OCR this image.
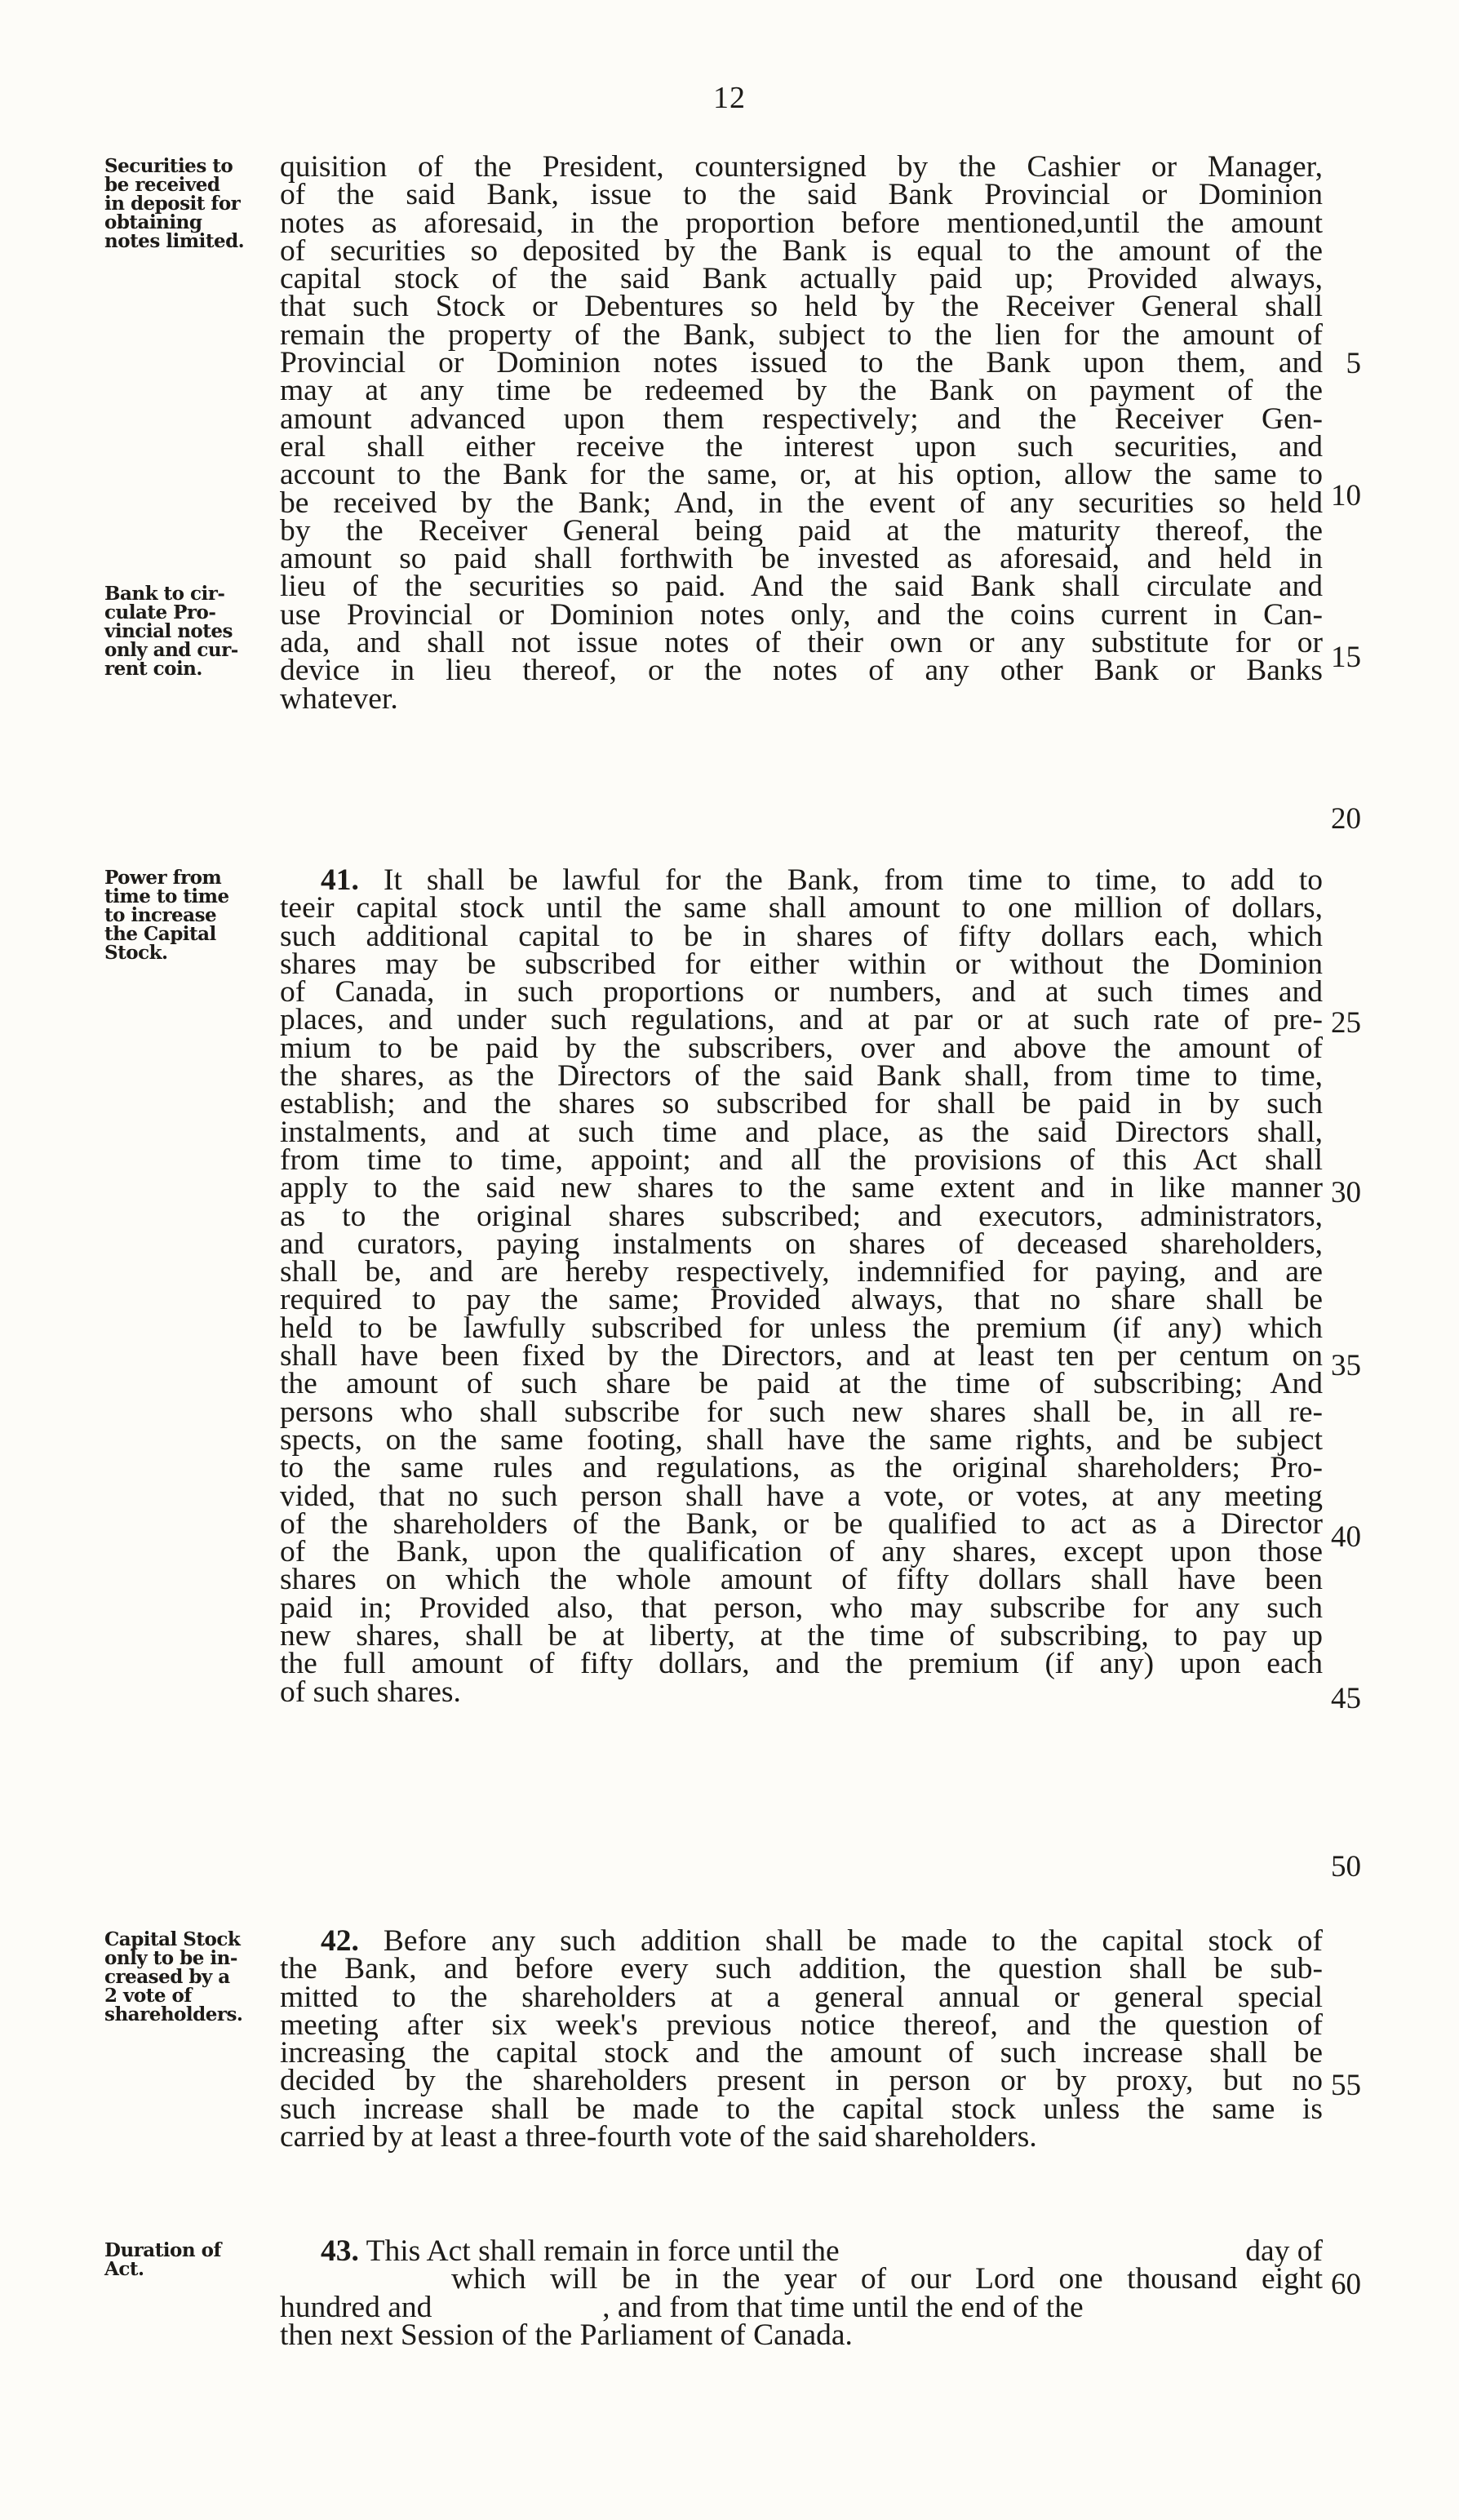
12
Securities to
be received
in deposit for
obtaining
notes limited.
Bank to cir-
culate Pro-
vincial notes
only and cur-
rent coin.
Power from
time to time
to increase
the Capital
Stock.
Capital Stock
only to be in-
creased by a
2 vote of
shareholders.
Duration of
Act.
quisition of the President, countersigned by the Cashier or Manager,
of the said Bank, issue to the said Bank Provincial or Dominion
notes as aforesaid, in the proportion before mentioned,until the amount
of securities so deposited by the Bank is equal to the amount of the
capital stock of the said Bank actually paid up; Provided always,
that such Stock or Debentures so held by the Receiver General shall
remain the property of the Bank, subject to the lien for the amount of
Provincial or Dominion notes issued to the Bank upon them, and
may at any time be redeemed by the Bank on payment of the
amount advanced upon them respectively; and the Receiver Gen-
eral shall either receive the interest upon such securities, and
account to the Bank for the same, or, at his option, allow the same to
be received by the Bank; And, in the event of any securities so held
by the Receiver General being paid at the maturity thereof, the
amount so paid shall forthwith be invested as aforesaid, and held in
lieu of the securities so paid. And the said Bank shall circulate and
use Provincial or Dominion notes only, and the coins current in Can-
ada, and shall not issue notes of their own or any substitute for or
device in lieu thereof, or the notes of any other Bank or Banks
whatever.
41. It shall be lawful for the Bank, from time to time, to add to
teeir capital stock until the same shall amount to one million of dollars,
such additional capital to be in shares of fifty dollars each, which
shares may be subscribed for either within or without the Dominion
of Canada, in such proportions or numbers, and at such times and
places, and under such regulations, and at par or at such rate of pre-
mium to be paid by the subscribers, over and above the amount of
the shares, as the Directors of the said Bank shall, from time to time,
establish; and the shares so subscribed for shall be paid in by such
instalments, and at such time and place, as the said Directors shall,
from time to time, appoint; and all the provisions of this Act shall
apply to the said new shares to the same extent and in like manner
as to the original shares subscribed; and executors, administrators,
and curators, paying instalments on shares of deceased shareholders,
shall be, and are hereby respectively, indemnified for paying, and are
required to pay the same; Provided always, that no share shall be
held to be lawfully subscribed for unless the premium (if any) which
shall have been fixed by the Directors, and at least ten per centum on
the amount of such share be paid at the time of subscribing; And
persons who shall subscribe for such new shares shall be, in all re-
spects, on the same footing, shall have the same rights, and be subject
to the same rules and regulations, as the original shareholders; Pro-
vided, that no such person shall have a vote, or votes, at any meeting
of the shareholders of the Bank, or be qualified to act as a Director
of the Bank, upon the qualification of any shares, except upon those
shares on which the whole amount of fifty dollars shall have been
paid in; Provided also, that person, who may subscribe for any such
new shares, shall be at liberty, at the time of subscribing, to pay up
the full amount of fifty dollars, and the premium (if any) upon each
of such shares.
42. Before any such addition shall be made to the capital stock of
the Bank, and before every such addition, the question shall be sub-
mitted to the shareholders at a general annual or general special
meeting after six week's previous notice thereof, and the question of
increasing the capital stock and the amount of such increase shall be
decided by the shareholders present in person or by proxy, but no
such increase shall be made to the capital stock unless the same is
carried by at least a three-fourth vote of the said shareholders.
43. This Act shall remain in force until the	day of
which will be in the year of our Lord one thousand eight
hundred and	, and from that time until the end of the
then next Session of the Parliament of Canada.
5
10
15
20
25
30
35
40
45
50
55
60
